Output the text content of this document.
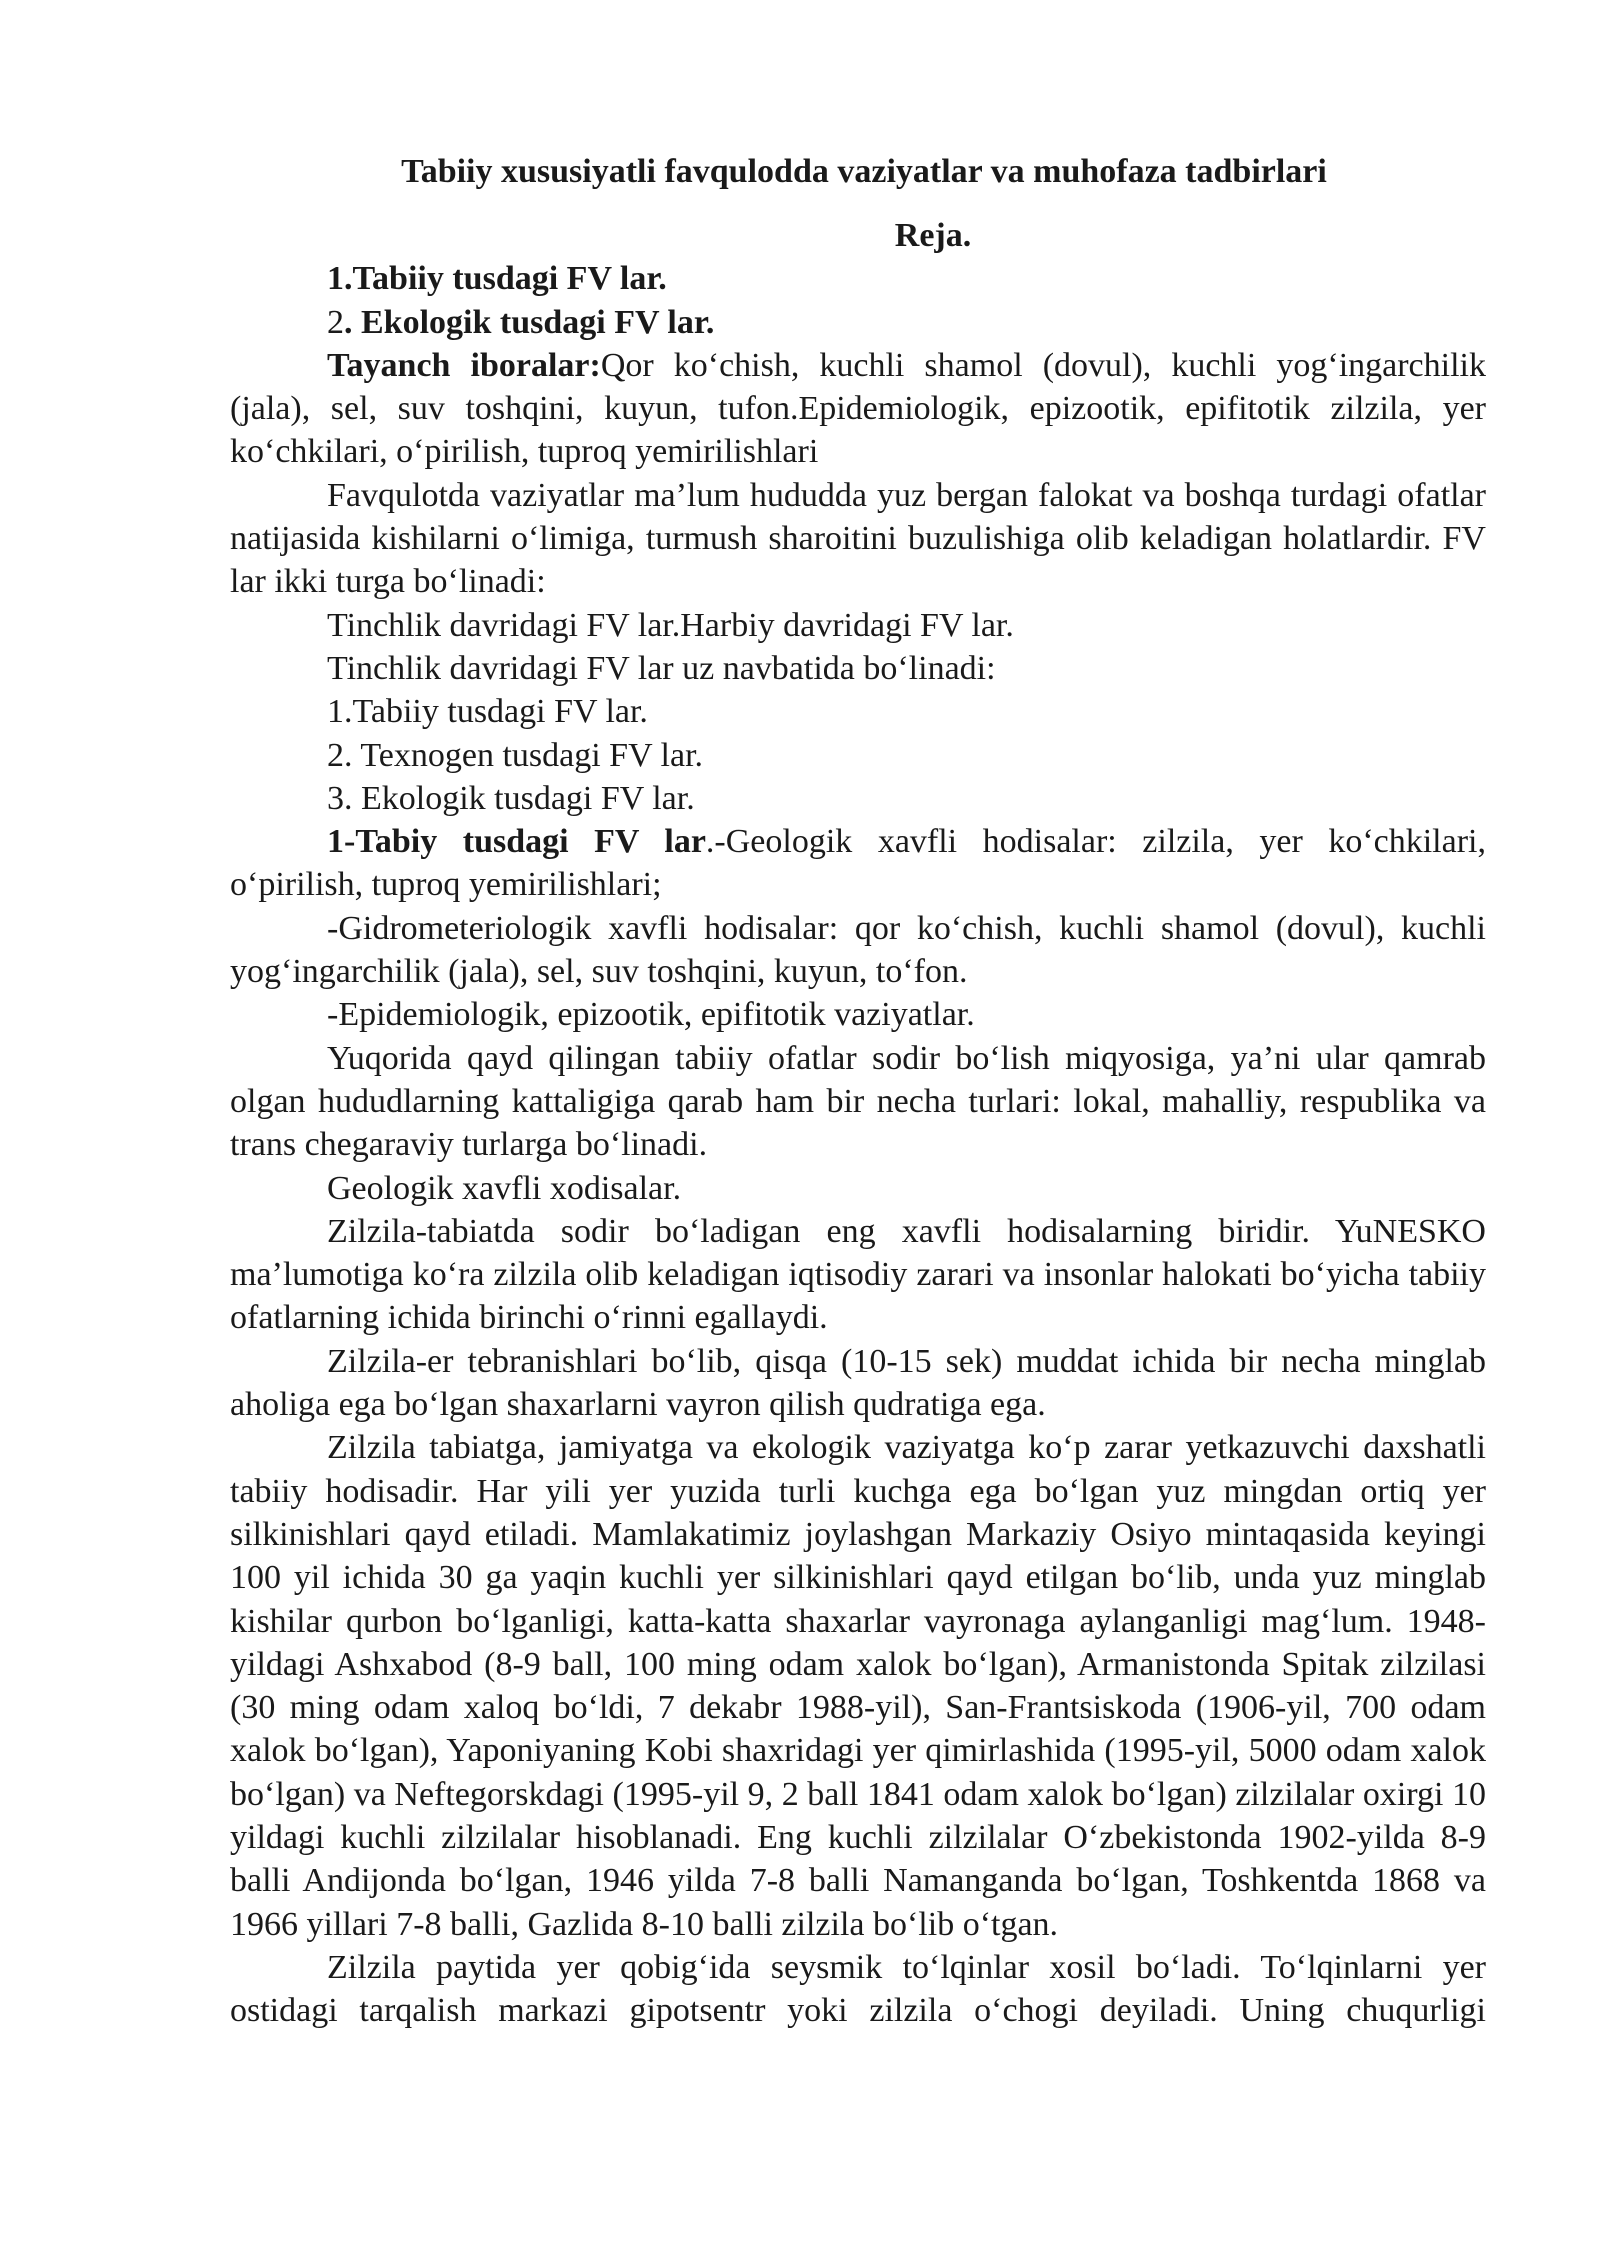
Tabiiy xususiyatli favqulodda vaziyatlar va muhofaza tadbirlari

Reja.

1.Tabiiy tusdagi FV lar.

2. Ekologik tusdagi FV lar.

Tayanch iboralar:Qor ko‘chish, kuchli shamol (dovul), kuchli yog‘ingarchilik (jala), sel, suv toshqini, kuyun, tufon.Epidemiologik, epizootik, epifitotik zilzila, yer ko‘chkilari, o‘pirilish, tuproq yemirilishlari

Favqulotda vaziyatlar ma’lum hududda yuz bergan falokat va boshqa turdagi ofatlar natijasida kishilarni o‘limiga, turmush sharoitini buzulishiga olib keladigan holatlardir. FV lar ikki turga bo‘linadi:

Tinchlik davridagi FV lar.Harbiy davridagi FV lar.

Tinchlik davridagi FV lar uz navbatida bo‘linadi:

1.Tabiiy tusdagi FV lar.

2. Texnogen tusdagi FV lar.

3. Ekologik tusdagi FV lar.

1-Tabiy tusdagi FV lar.-Geologik xavfli hodisalar: zilzila, yer ko‘chkilari, o‘pirilish, tuproq yemirilishlari;

-Gidrometeriologik xavfli hodisalar: qor ko‘chish, kuchli shamol (dovul), kuchli yog‘ingarchilik (jala), sel, suv toshqini, kuyun, to‘fon.

-Epidemiologik, epizootik, epifitotik vaziyatlar.

Yuqorida qayd qilingan tabiiy ofatlar sodir bo‘lish miqyosiga, ya’ni ular qamrab olgan hududlarning kattaligiga qarab ham bir necha turlari: lokal, mahalliy, respublika va trans chegaraviy turlarga bo‘linadi.

Geologik xavfli xodisalar.

Zilzila-tabiatda sodir bo‘ladigan eng xavfli hodisalarning biridir. YuNESKO ma’lumotiga ko‘ra zilzila olib keladigan iqtisodiy zarari va insonlar halokati bo‘yicha tabiiy ofatlarning ichida birinchi o‘rinni egallaydi.

Zilzila-er tebranishlari bo‘lib, qisqa (10-15 sek) muddat ichida bir necha minglab aholiga ega bo‘lgan shaxarlarni vayron qilish qudratiga ega.

Zilzila tabiatga, jamiyatga va ekologik vaziyatga ko‘p zarar yetkazuvchi daxshatli tabiiy hodisadir. Har yili yer yuzida turli kuchga ega bo‘lgan yuz mingdan ortiq yer silkinishlari qayd etiladi. Mamlakatimiz joylashgan Markaziy Osiyo mintaqasida keyingi 100 yil ichida 30 ga yaqin kuchli yer silkinishlari qayd etilgan bo‘lib, unda yuz minglab kishilar qurbon bo‘lganligi, katta-katta shaxarlar vayronaga aylanganligi mag‘lum. 1948-yildagi Ashxabod (8-9 ball, 100 ming odam xalok bo‘lgan), Armanistonda Spitak zilzilasi (30 ming odam xaloq bo‘ldi, 7 dekabr 1988-yil), San-Frantsiskoda (1906-yil, 700 odam xalok bo‘lgan), Yaponiyaning Kobi shaxridagi yer qimirlashida (1995-yil, 5000 odam xalok bo‘lgan) va Neftegorskdagi (1995-yil 9, 2 ball 1841 odam xalok bo‘lgan) zilzilalar oxirgi 10 yildagi kuchli zilzilalar hisoblanadi. Eng kuchli zilzilalar O‘zbekistonda 1902-yilda 8-9 balli Andijonda bo‘lgan, 1946 yilda 7-8 balli Namanganda bo‘lgan, Toshkentda 1868 va 1966 yillari 7-8 balli, Gazlida 8-10 balli zilzila bo‘lib o‘tgan.

Zilzila paytida yer qobig‘ida seysmik to‘lqinlar xosil bo‘ladi. To‘lqinlarni yer ostidagi tarqalish markazi gipotsentr yoki zilzila o‘chogi deyiladi. Uning chuqurligi
